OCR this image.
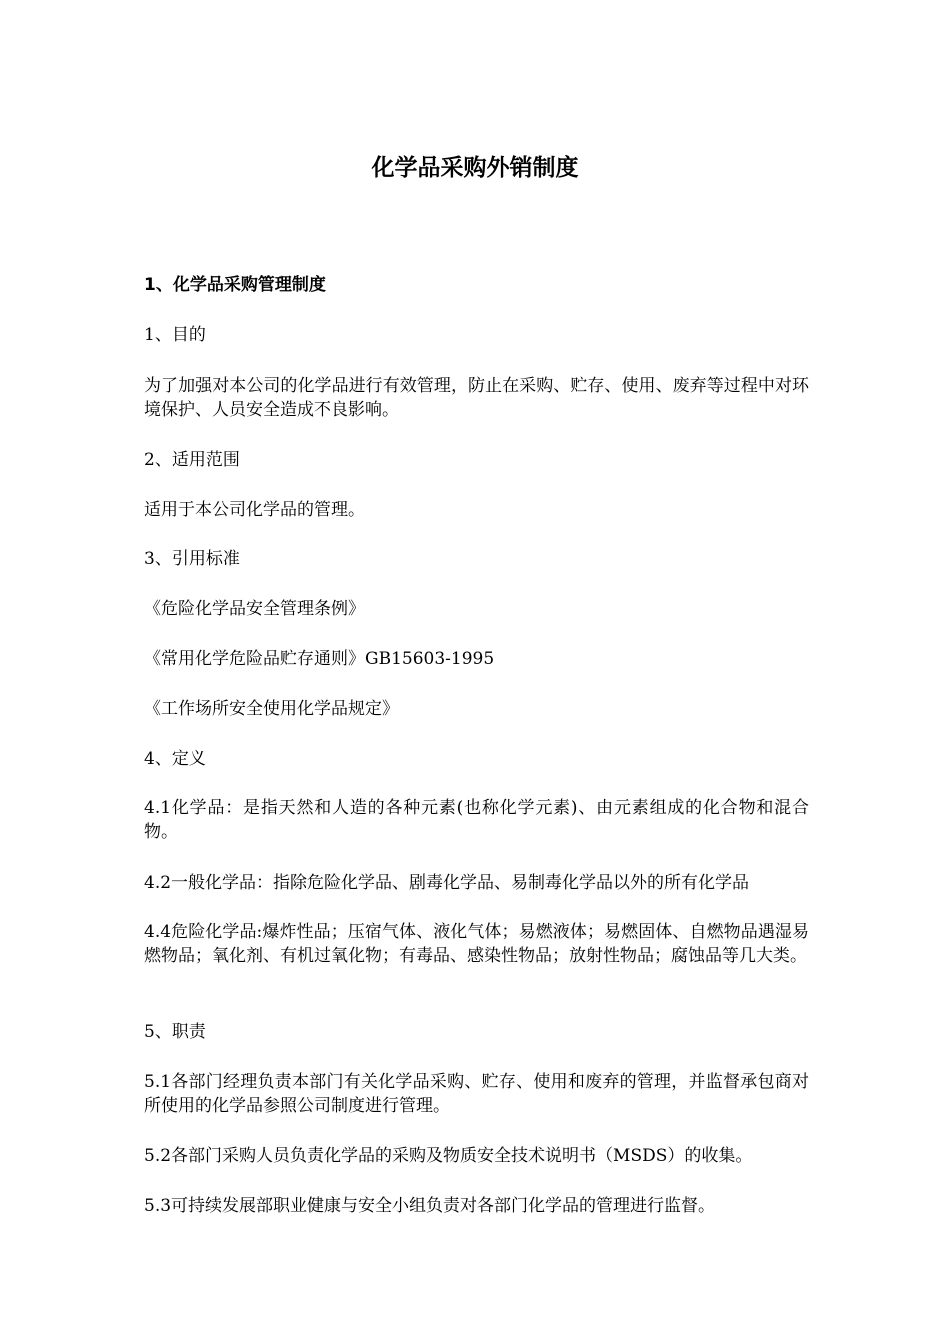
化学品采购外销制度

1、化学品采购管理制度

1、目的

为了加强对本公司的化学品进行有效管理，防止在采购、贮存、使用、废弃等过程中对环境保护、人员安全造成不良影响。

2、适用范围

适用于本公司化学品的管理。

3、引用标准

《危险化学品安全管理条例》

《常用化学危险品贮存通则》GB15603-1995

《工作场所安全使用化学品规定》

4、定义

4.1化学品：是指天然和人造的各种元素(也称化学元素)、由元素组成的化合物和混合物。

4.2一般化学品：指除危险化学品、剧毒化学品、易制毒化学品以外的所有化学品

4.4危险化学品:爆炸性品；压宿气体、液化气体；易燃液体；易燃固体、自燃物品遇湿易燃物品；氧化剂、有机过氧化物；有毒品、感染性物品；放射性物品；腐蚀品等几大类。

5、职责

5.1各部门经理负责本部门有关化学品采购、贮存、使用和废弃的管理，并监督承包商对所使用的化学品参照公司制度进行管理。

5.2各部门采购人员负责化学品的采购及物质安全技术说明书（MSDS）的收集。

5.3可持续发展部职业健康与安全小组负责对各部门化学品的管理进行监督。
